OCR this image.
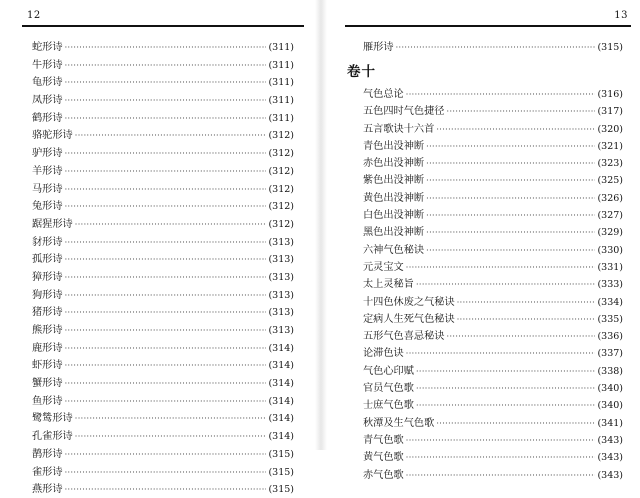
12
蛇形诗 ·····	(311)
牛形诗 ·····	(311)
龟形诗 ·····	(311)
凤形诗 ·····	(311)
鹤形诗 ·····	(311)
骆驼形诗 ·····	(312)
驴形诗 ·····	(312)
羊形诗 ·····	(312)
马形诗 ·····	(312)
兔形诗 ·····	(312)
踞猩形诗 ·····	(312)
豺形诗 ·····	(313)
孤形诗 ·····	(313)
獐形诗 ·····	(313)
狗形诗 ·····	(313)
猪形诗 ·····	(313)
熊形诗 ·····	(313)
鹿形诗 ·····	(314)
虾形诗 ·····	(314)
蟹形诗 ·····	(314)
鱼形诗 ·····	(314)
鹭鸶形诗 ·····	(314)
孔雀形诗 ·····	(314)
鹊形诗 ·····	(315)
雀形诗 ·····	(315)
燕形诗 ·····	(315)
13
雁形诗 ·····	(315)
卷十
气色总论 ·····	(316)
五色四时气色捷径 ·····	(317)
五言歌诀十六首 ·····	(320)
青色出没神断 ·····	(321)
赤色出没神断 ·····	(323)
紫色出没神断 ·····	(325)
黄色出没神断 ·····	(326)
白色出没神断 ·····	(327)
黑色出没神断 ·····	(329)
六神气色秘诀 ·····	(330)
元灵宝文 ·····	(331)
太上灵秘旨 ·····	(333)
十四色休废之气秘诀 ·····	(334)
定病人生死气色秘诀 ·····	(335)
五形气色喜忌秘诀 ·····	(336)
论滞色诀 ·····	(337)
气色心印赋 ·····	(338)
官员气色歌 ·····	(340)
士庶气色歌 ·····	(340)
秋潭及生气色歌 ·····	(341)
青气色歌 ·····	(343)
黄气色歌 ·····	(343)
赤气色歌 ·····	(343)
